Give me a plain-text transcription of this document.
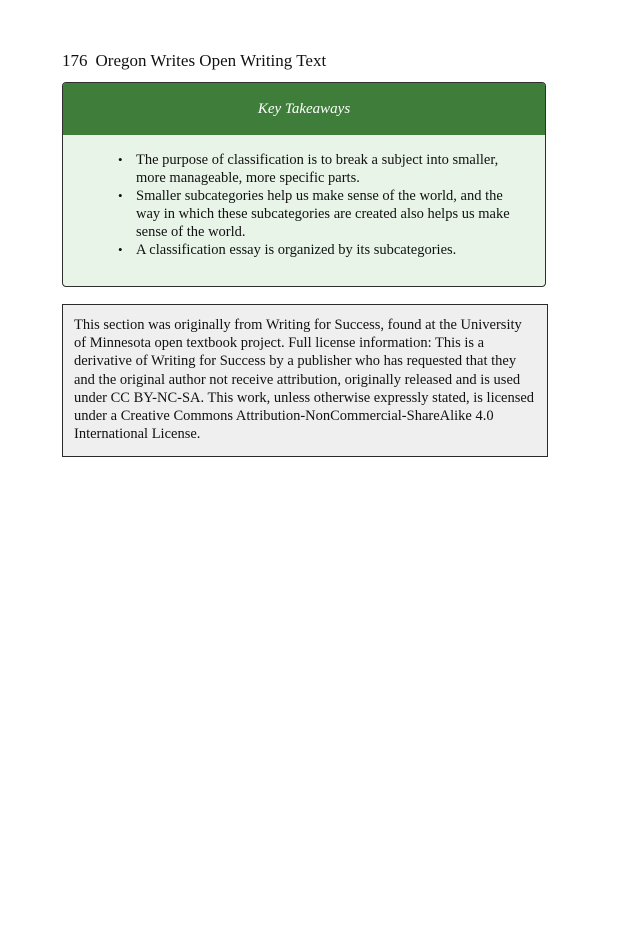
176 Oregon Writes Open Writing Text
Key Takeaways
• The purpose of classification is to break a subject into smaller, more manageable, more specific parts.
• Smaller subcategories help us make sense of the world, and the way in which these subcategories are created also helps us make sense of the world.
• A classification essay is organized by its subcategories.

This section was originally from Writing for Success, found at the University of Minnesota open textbook project. Full license information: This is a derivative of Writing for Success by a publisher who has requested that they and the original author not receive attribution, originally released and is used under CC BY-NC-SA. This work, unless otherwise expressly stated, is licensed under a Creative Commons Attribution-NonCommercial-ShareAlike 4.0 International License.
